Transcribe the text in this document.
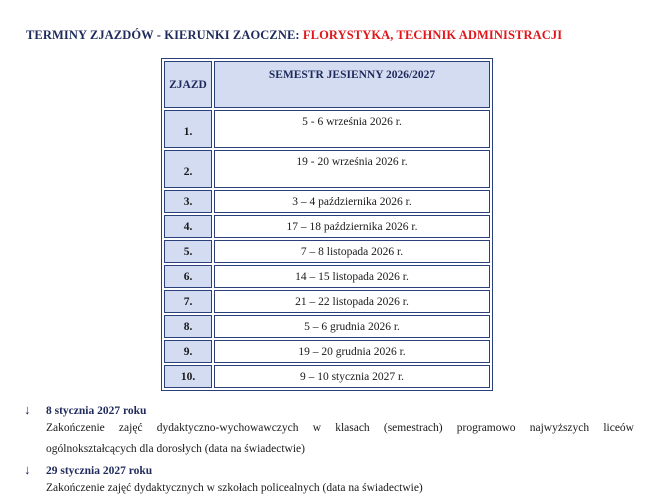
TERMINY ZJAZDÓW - KIERUNKI ZAOCZNE: FLORYSTYKA, TECHNIK ADMINISTRACJI
ZJAZD	SEMESTR JESIENNY 2026/2027
1.	5 - 6 września 2026 r.
2.	19 - 20 września 2026 r.
3.	3 – 4 października 2026 r.
4.	17 – 18 października 2026 r.
5.	7 – 8 listopada 2026 r.
6.	14 – 15 listopada 2026 r.
7.	21 – 22 listopada 2026 r.
8.	5 – 6 grudnia 2026 r.
9.	19 – 20 grudnia 2026 r.
10.	9 – 10 stycznia 2027 r.
↓	8 stycznia 2027 roku
Zakończenie zajęć dydaktyczno-wychowawczych w klasach (semestrach) programowo najwyższych liceów ogólnokształcących dla dorosłych (data na świadectwie)
↓	29 stycznia 2027 roku
Zakończenie zajęć dydaktycznych w szkołach policealnych (data na świadectwie)
